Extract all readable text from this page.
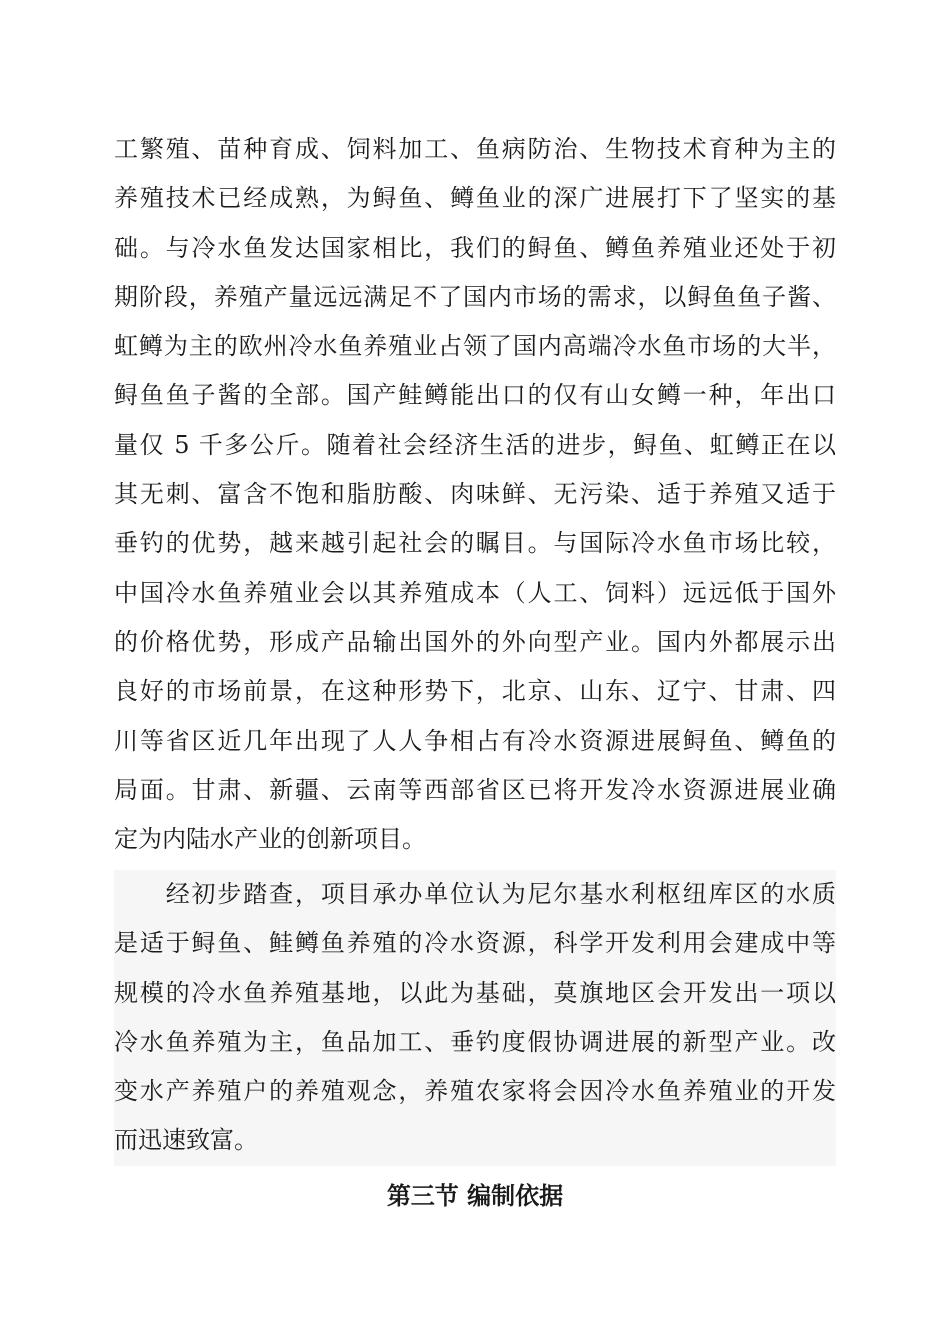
工繁殖、苗种育成、饲料加工、鱼病防治、生物技术育种为主的
养殖技术已经成熟，为鲟鱼、鳟鱼业的深广进展打下了坚实的基
础。与冷水鱼发达国家相比，我们的鲟鱼、鳟鱼养殖业还处于初
期阶段，养殖产量远远满足不了国内市场的需求，以鲟鱼鱼子酱、
虹鳟为主的欧州冷水鱼养殖业占领了国内高端冷水鱼市场的大半，
鲟鱼鱼子酱的全部。国产鲑鳟能出口的仅有山女鳟一种，年出口
量仅 5 千多公斤。随着社会经济生活的进步，鲟鱼、虹鳟正在以
其无刺、富含不饱和脂肪酸、肉味鲜、无污染、适于养殖又适于
垂钓的优势，越来越引起社会的瞩目。与国际冷水鱼市场比较，
中国冷水鱼养殖业会以其养殖成本（人工、饲料）远远低于国外
的价格优势，形成产品输出国外的外向型产业。国内外都展示出
良好的市场前景，在这种形势下，北京、山东、辽宁、甘肃、四
川等省区近几年出现了人人争相占有冷水资源进展鲟鱼、鳟鱼的
局面。甘肃、新疆、云南等西部省区已将开发冷水资源进展业确
定为内陆水产业的创新项目。
　　经初步踏查，项目承办单位认为尼尔基水利枢纽库区的水质
是适于鲟鱼、鲑鳟鱼养殖的冷水资源，科学开发利用会建成中等
规模的冷水鱼养殖基地，以此为基础，莫旗地区会开发出一项以
冷水鱼养殖为主，鱼品加工、垂钓度假协调进展的新型产业。改
变水产养殖户的养殖观念，养殖农家将会因冷水鱼养殖业的开发
而迅速致富。
第三节 编制依据
